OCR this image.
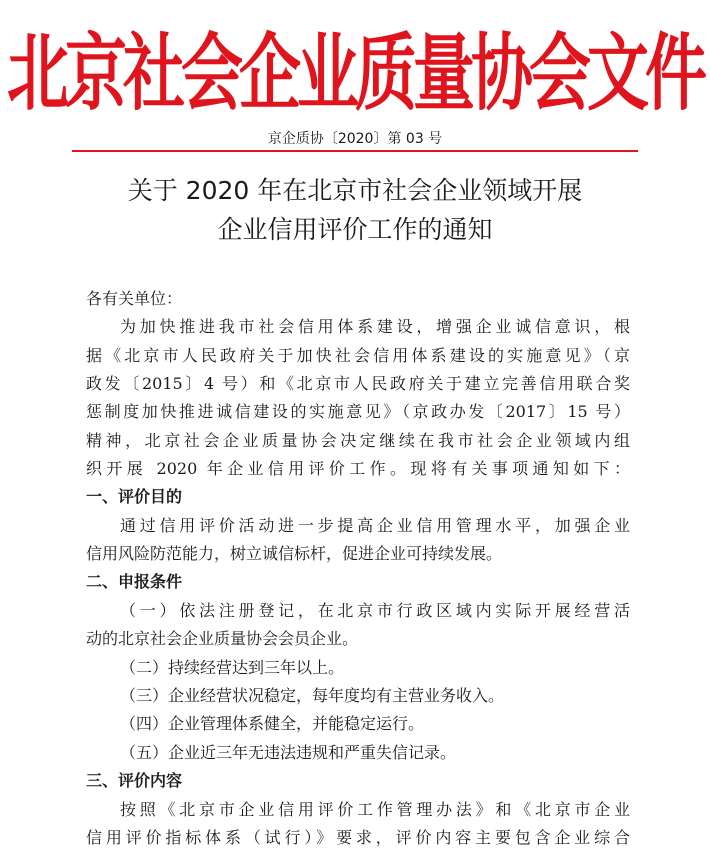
北京社会企业质量协会文件
京企质协〔2020〕第 03 号
关于 2020 年在北京市社会企业领域开展
企业信用评价工作的通知
各有关单位：
为加快推进我市社会信用体系建设，增强企业诚信意识，根
据《北京市人民政府关于加快社会信用体系建设的实施意见》（京
政发〔2015〕4 号）和《北京市人民政府关于建立完善信用联合奖
惩制度加快推进诚信建设的实施意见》（京政办发〔2017〕15 号）
精神，北京社会企业质量协会决定继续在我市社会企业领域内组
织开展 2020 年企业信用评价工作。现将有关事项通知如下：
一、评价目的
通过信用评价活动进一步提高企业信用管理水平，加强企业
信用风险防范能力，树立诚信标杆，促进企业可持续发展。
二、申报条件
（一）依法注册登记，在北京市行政区域内实际开展经营活
动的北京社会企业质量协会会员企业。
（二）持续经营达到三年以上。
（三）企业经营状况稳定，每年度均有主营业务收入。
（四）企业管理体系健全，并能稳定运行。
（五）企业近三年无违法违规和严重失信记录。
三、评价内容
按照《北京市企业信用评价工作管理办法》和《北京市企业
信用评价指标体系（试行）》要求，评价内容主要包含企业综合
